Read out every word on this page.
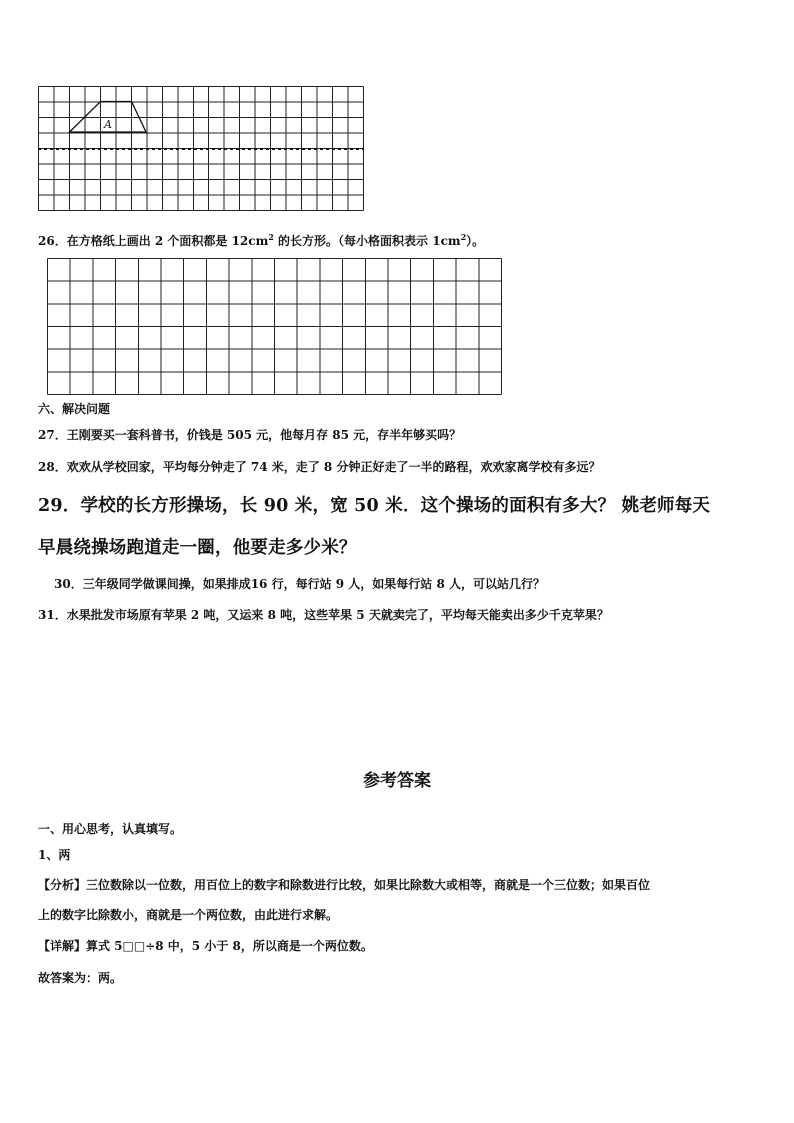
A
26．在方格纸上画出 2 个面积都是 $12cm^2$ 的长方形。（每小格面积表示 $1cm^2$）。
六、解决问题
27．王刚要买一套科普书，价钱是 505 元，他每月存 85 元，存半年够买吗？
28．欢欢从学校回家，平均每分钟走了 74 米，走了 8 分钟正好走了一半的路程，欢欢家离学校有多远？
29．学校的长方形操场，长 90 米，宽 50 米．这个操场的面积有多大？ 姚老师每天
早晨绕操场跑道走一圈，他要走多少米？
30．三年级同学做课间操，如果排成16 行，每行站 9 人，如果每行站 8 人，可以站几行？
31．水果批发市场原有苹果 2 吨，又运来 8 吨，这些苹果 5 天就卖完了，平均每天能卖出多少千克苹果？
参考答案
一、用心思考，认真填写。
1、两
【分析】三位数除以一位数，用百位上的数字和除数进行比较，如果比除数大或相等，商就是一个三位数；如果百位
上的数字比除数小，商就是一个两位数，由此进行求解。
【详解】算式 5□□÷8 中，5 小于 8，所以商是一个两位数。
故答案为：两。
